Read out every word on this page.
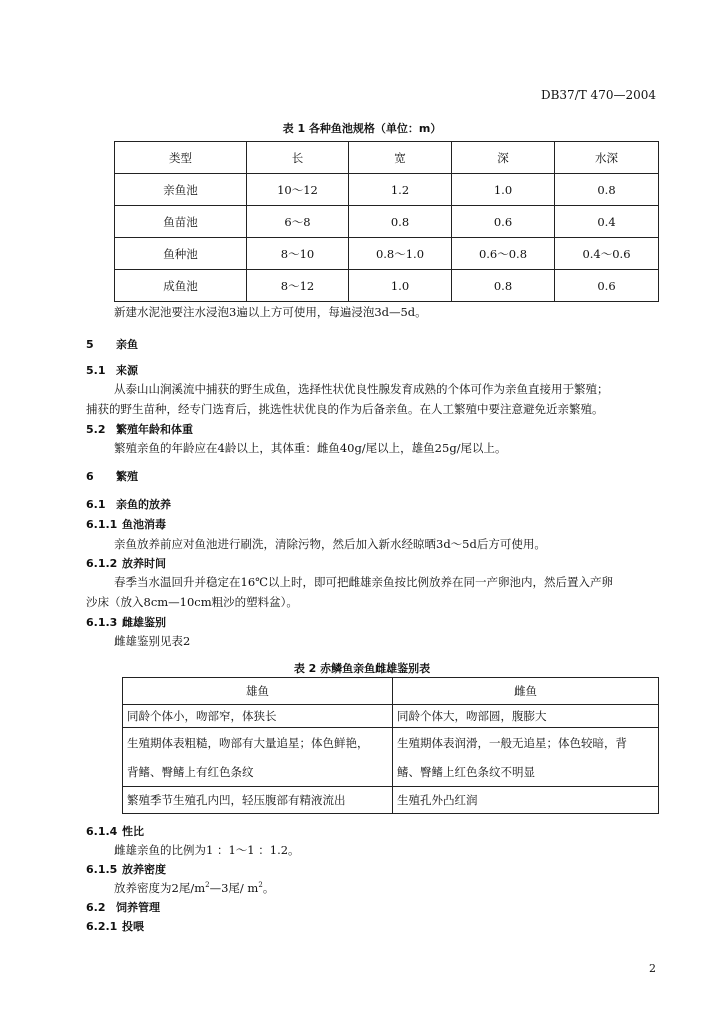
DB37/T 470—2004
表 1 各种鱼池规格（单位：m）
类型	长	宽	深	水深
亲鱼池	10～12	1.2	1.0	0.8
鱼苗池	6～8	0.8	0.6	0.4
鱼种池	8～10	0.8～1.0	0.6～0.8	0.4～0.6
成鱼池	8～12	1.0	0.8	0.6
新建水泥池要注水浸泡3遍以上方可使用，每遍浸泡3d—5d。
5 亲鱼
5.1 来源
从泰山山涧溪流中捕获的野生成鱼，选择性状优良性腺发育成熟的个体可作为亲鱼直接用于繁殖；
捕获的野生苗种，经专门选育后，挑选性状优良的作为后备亲鱼。在人工繁殖中要注意避免近亲繁殖。
5.2 繁殖年龄和体重
繁殖亲鱼的年龄应在4龄以上，其体重：雌鱼40g/尾以上，雄鱼25g/尾以上。
6 繁殖
6.1 亲鱼的放养
6.1.1 鱼池消毒
亲鱼放养前应对鱼池进行刷洗，清除污物，然后加入新水经晾晒3d～5d后方可使用。
6.1.2 放养时间
春季当水温回升并稳定在16℃以上时，即可把雌雄亲鱼按比例放养在同一产卵池内，然后置入产卵
沙床（放入8cm—10cm粗沙的塑料盆）。
6.1.3 雌雄鉴别
雌雄鉴别见表2
表 2 赤鳞鱼亲鱼雌雄鉴别表
雄鱼	雌鱼
同龄个体小，吻部窄，体狭长	同龄个体大，吻部圆，腹膨大
生殖期体表粗糙，吻部有大量追星；体色鲜艳，	生殖期体表润滑，一般无追星；体色较暗，背
背鳍、臀鳍上有红色条纹	鳍、臀鳍上红色条纹不明显
繁殖季节生殖孔内凹，轻压腹部有精液流出	生殖孔外凸红润
6.1.4 性比
雌雄亲鱼的比例为1 ：1～1 ：1.2。
6.1.5 放养密度
放养密度为2尾$/m^2—3$尾/ $m^2$。
6.2 饲养管理
6.2.1 投喂
2
